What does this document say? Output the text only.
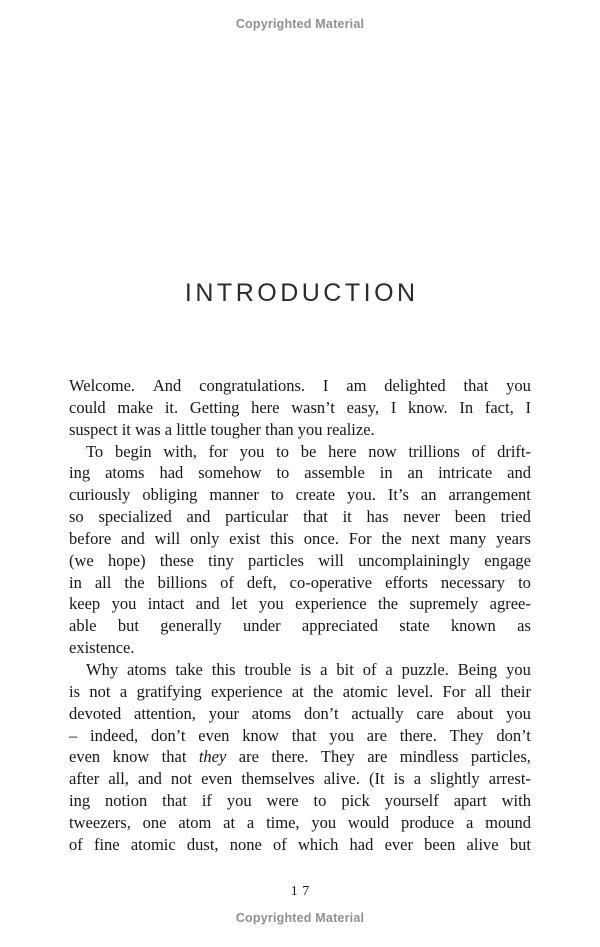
Copyrighted Material
INTRODUCTION
Welcome. And congratulations. I am delighted that you
could make it. Getting here wasn’t easy, I know. In fact, I
suspect it was a little tougher than you realize.
To begin with, for you to be here now trillions of drift-
ing atoms had somehow to assemble in an intricate and
curiously obliging manner to create you. It’s an arrangement
so specialized and particular that it has never been tried
before and will only exist this once. For the next many years
(we hope) these tiny particles will uncomplainingly engage
in all the billions of deft, co-operative efforts necessary to
keep you intact and let you experience the supremely agree-
able but generally under appreciated state known as
existence.
Why atoms take this trouble is a bit of a puzzle. Being you
is not a gratifying experience at the atomic level. For all their
devoted attention, your atoms don’t actually care about you
– indeed, don’t even know that you are there. They don’t
even know that they are there. They are mindless particles,
after all, and not even themselves alive. (It is a slightly arrest-
ing notion that if you were to pick yourself apart with
tweezers, one atom at a time, you would produce a mound
of fine atomic dust, none of which had ever been alive but
17
Copyrighted Material
